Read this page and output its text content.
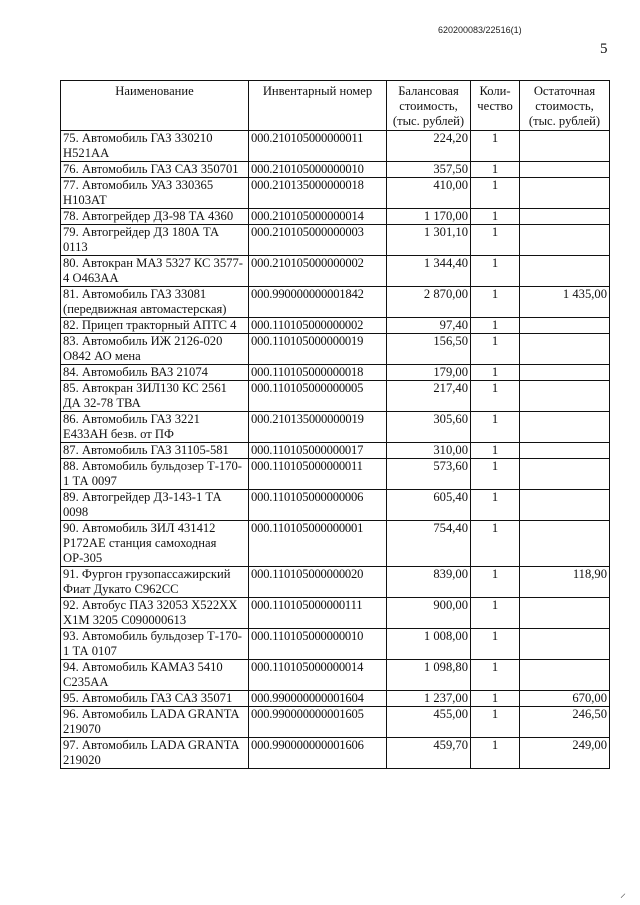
620200083/22516(1)
5
Наименование	Инвентарный номер	Балансовая стоимость, (тыс. рублей)	Коли- чество	Остаточная стоимость, (тыс. рублей)
75. Автомобиль ГАЗ 330210 Н521АА	000.210105000000011	224,20	1	
76. Автомобиль ГАЗ САЗ 350701	000.210105000000010	357,50	1	
77. Автомобиль УАЗ 330365 Н103АТ	000.210135000000018	410,00	1	
78. Автогрейдер ДЗ-98 ТА 4360	000.210105000000014	1 170,00	1	
79. Автогрейдер ДЗ 180А ТА 0113	000.210105000000003	1 301,10	1	
80. Автокран МАЗ 5327 КС 3577-4 О463АА	000.210105000000002	1 344,40	1	
81. Автомобиль ГАЗ 33081 (передвижная автомастерская)	000.990000000001842	2 870,00	1	1 435,00
82. Прицеп тракторный АПТС 4	000.110105000000002	97,40	1	
83. Автомобиль ИЖ 2126-020 О842 АО мена	000.110105000000019	156,50	1	
84. Автомобиль ВАЗ 21074	000.110105000000018	179,00	1	
85. Автокран ЗИЛ130 КС 2561 ДА 32-78 ТВА	000.110105000000005	217,40	1	
86. Автомобиль ГАЗ 3221 Е433АН безв. от ПФ	000.210135000000019	305,60	1	
87. Автомобиль ГАЗ 31105-581	000.110105000000017	310,00	1	
88. Автомобиль бульдозер Т-170-1 ТА 0097	000.110105000000011	573,60	1	
89. Автогрейдер ДЗ-143-1 ТА 0098	000.110105000000006	605,40	1	
90. Автомобиль ЗИЛ 431412 Р172АЕ станция самоходная ОР-305	000.110105000000001	754,40	1	
91. Фургон грузопассажирский Фиат Дукато С962СС	000.110105000000020	839,00	1	118,90
92. Автобус ПАЗ 32053 Х522ХХ Х1М 3205 С090000613	000.110105000000111	900,00	1	
93. Автомобиль бульдозер Т-170-1 ТА 0107	000.110105000000010	1 008,00	1	
94. Автомобиль КАМАЗ 5410 С235АА	000.110105000000014	1 098,80	1	
95. Автомобиль ГАЗ САЗ 35071	000.990000000001604	1 237,00	1	670,00
96. Автомобиль LADA GRANTA 219070	000.990000000001605	455,00	1	246,50
97. Автомобиль LADA GRANTA 219020	000.990000000001606	459,70	1	249,00
⸝
